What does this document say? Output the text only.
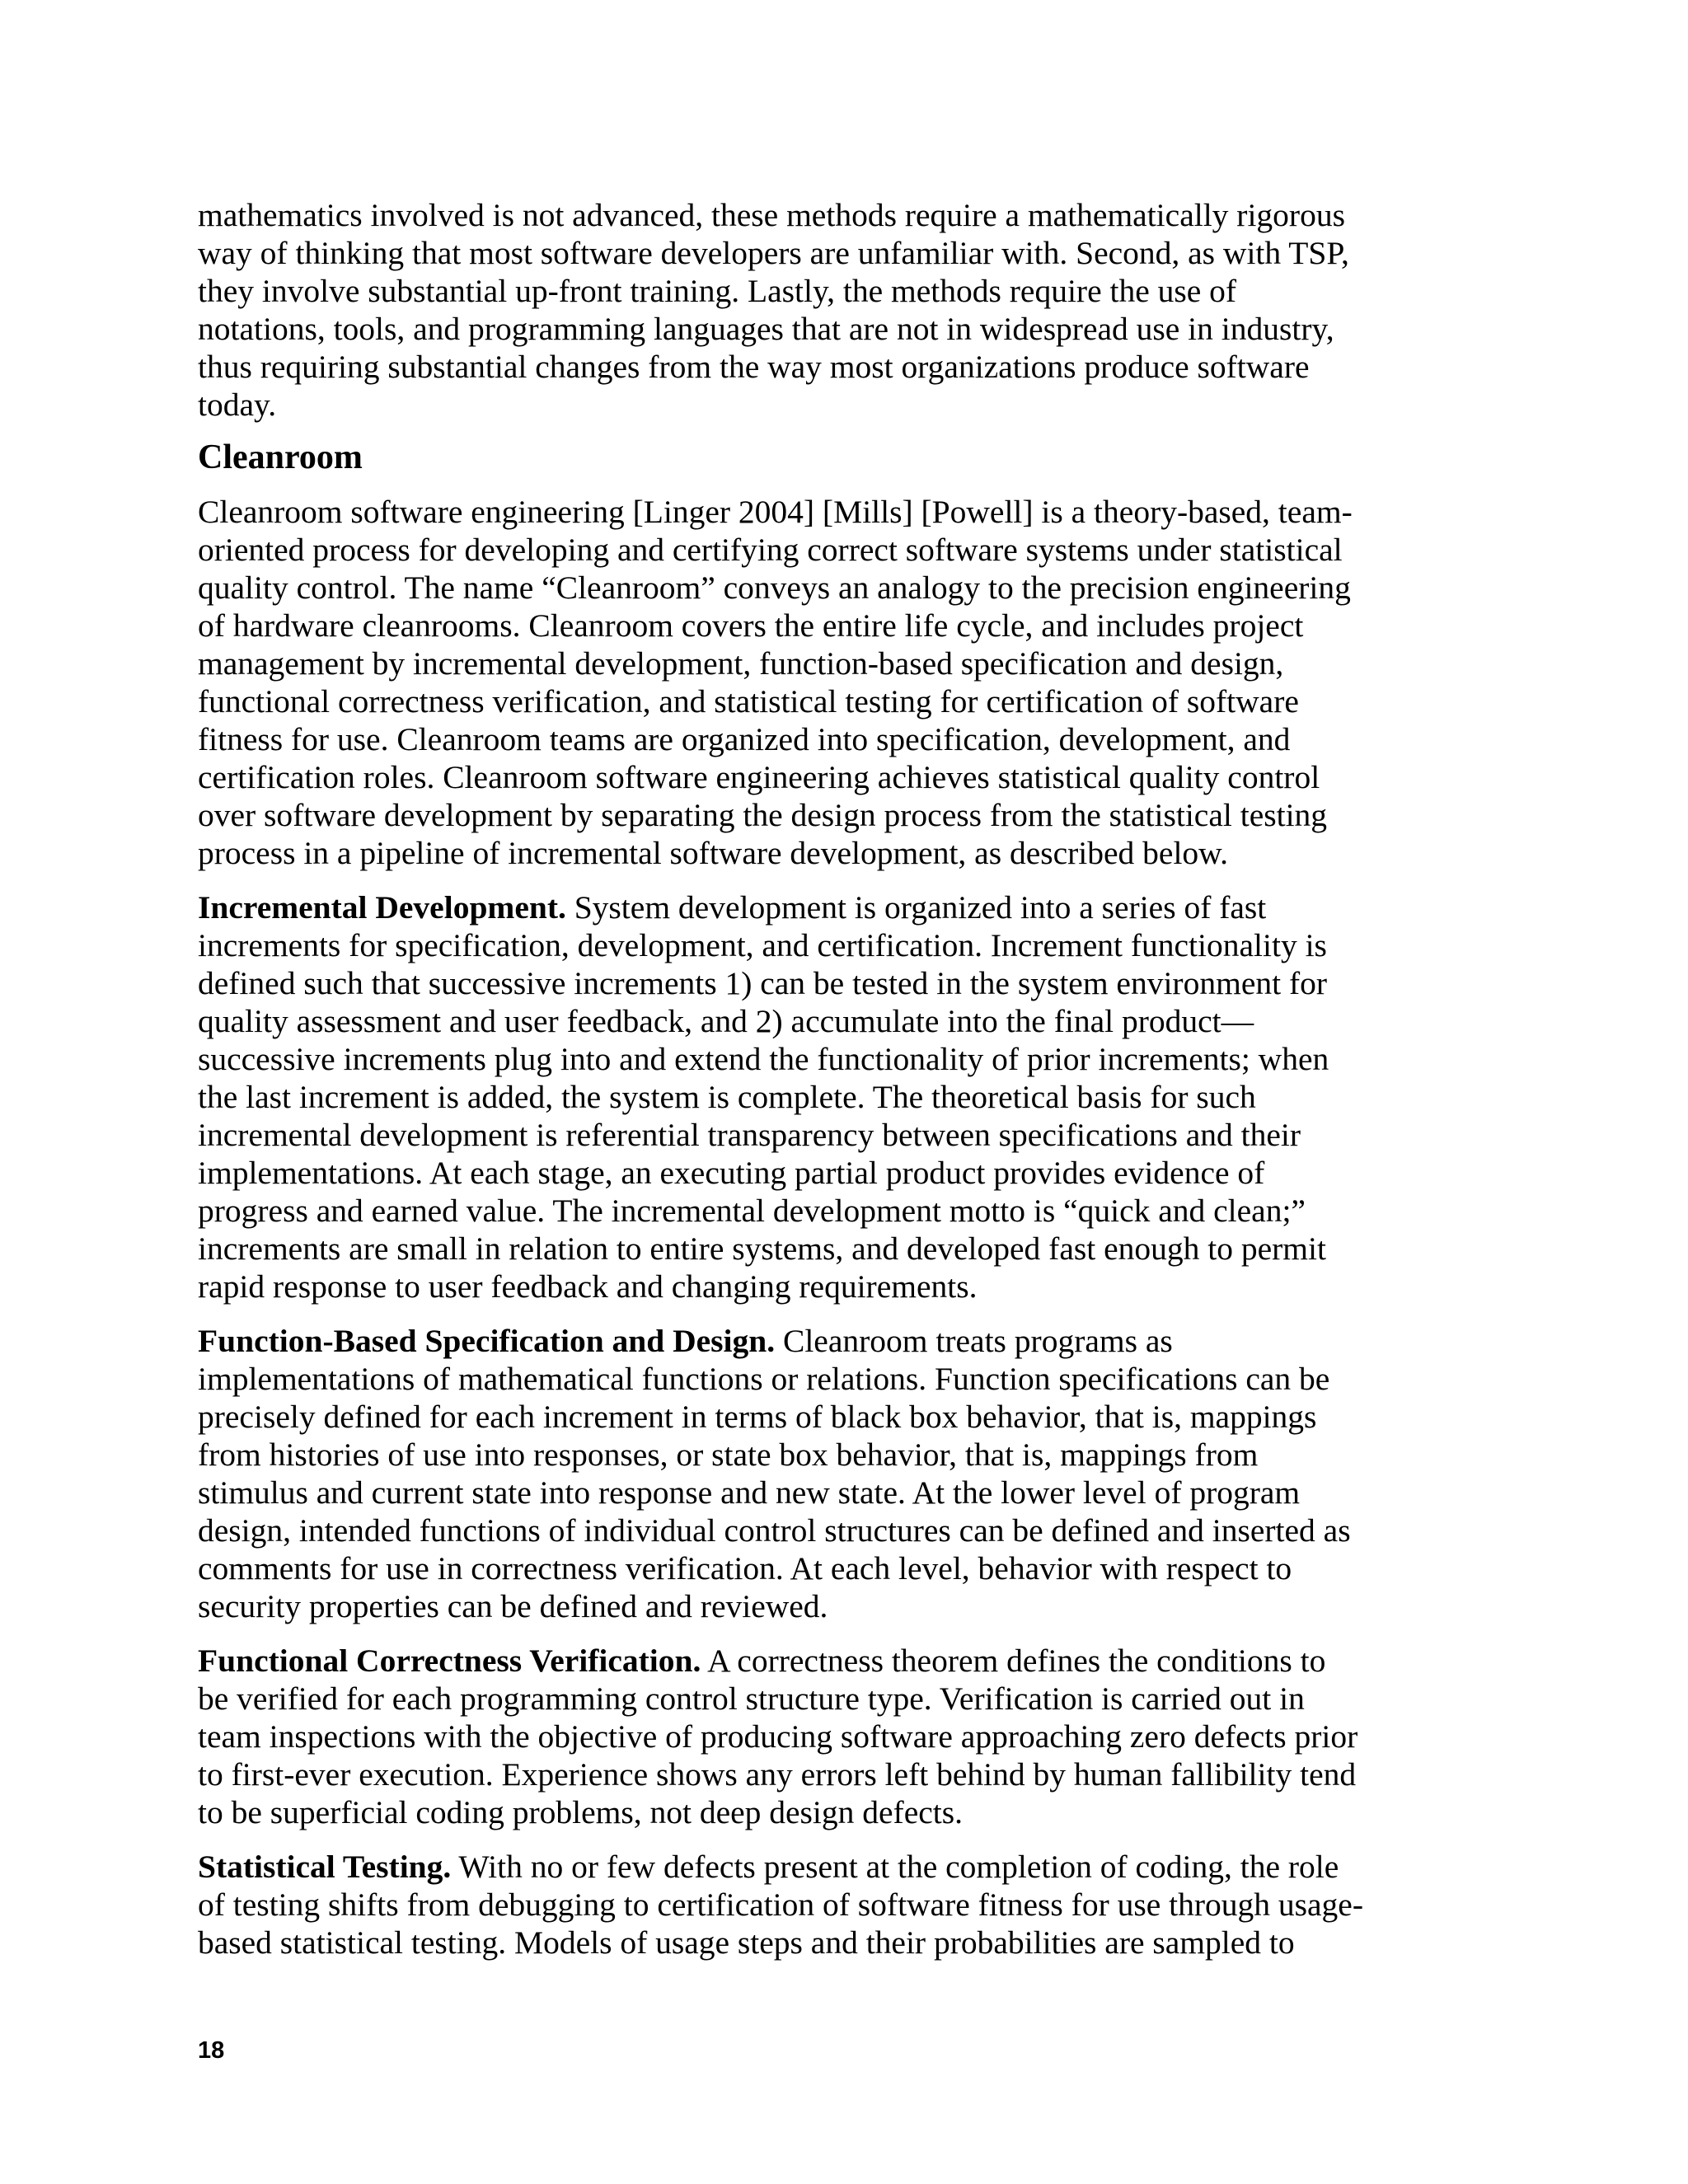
mathematics involved is not advanced, these methods require a mathematically rigorous
way of thinking that most software developers are unfamiliar with. Second, as with TSP,
they involve substantial up-front training. Lastly, the methods require the use of
notations, tools, and programming languages that are not in widespread use in industry,
thus requiring substantial changes from the way most organizations produce software
today.

Cleanroom

Cleanroom software engineering [Linger 2004] [Mills] [Powell] is a theory-based, team-
oriented process for developing and certifying correct software systems under statistical
quality control. The name “Cleanroom” conveys an analogy to the precision engineering
of hardware cleanrooms. Cleanroom covers the entire life cycle, and includes project
management by incremental development, function-based specification and design,
functional correctness verification, and statistical testing for certification of software
fitness for use. Cleanroom teams are organized into specification, development, and
certification roles. Cleanroom software engineering achieves statistical quality control
over software development by separating the design process from the statistical testing
process in a pipeline of incremental software development, as described below.

Incremental Development. System development is organized into a series of fast
increments for specification, development, and certification. Increment functionality is
defined such that successive increments 1) can be tested in the system environment for
quality assessment and user feedback, and 2) accumulate into the final product—
successive increments plug into and extend the functionality of prior increments; when
the last increment is added, the system is complete. The theoretical basis for such
incremental development is referential transparency between specifications and their
implementations. At each stage, an executing partial product provides evidence of
progress and earned value. The incremental development motto is “quick and clean;”
increments are small in relation to entire systems, and developed fast enough to permit
rapid response to user feedback and changing requirements.

Function-Based Specification and Design. Cleanroom treats programs as
implementations of mathematical functions or relations. Function specifications can be
precisely defined for each increment in terms of black box behavior, that is, mappings
from histories of use into responses, or state box behavior, that is, mappings from
stimulus and current state into response and new state. At the lower level of program
design, intended functions of individual control structures can be defined and inserted as
comments for use in correctness verification. At each level, behavior with respect to
security properties can be defined and reviewed.

Functional Correctness Verification. A correctness theorem defines the conditions to
be verified for each programming control structure type. Verification is carried out in
team inspections with the objective of producing software approaching zero defects prior
to first-ever execution. Experience shows any errors left behind by human fallibility tend
to be superficial coding problems, not deep design defects.

Statistical Testing. With no or few defects present at the completion of coding, the role
of testing shifts from debugging to certification of software fitness for use through usage-
based statistical testing. Models of usage steps and their probabilities are sampled to

18
